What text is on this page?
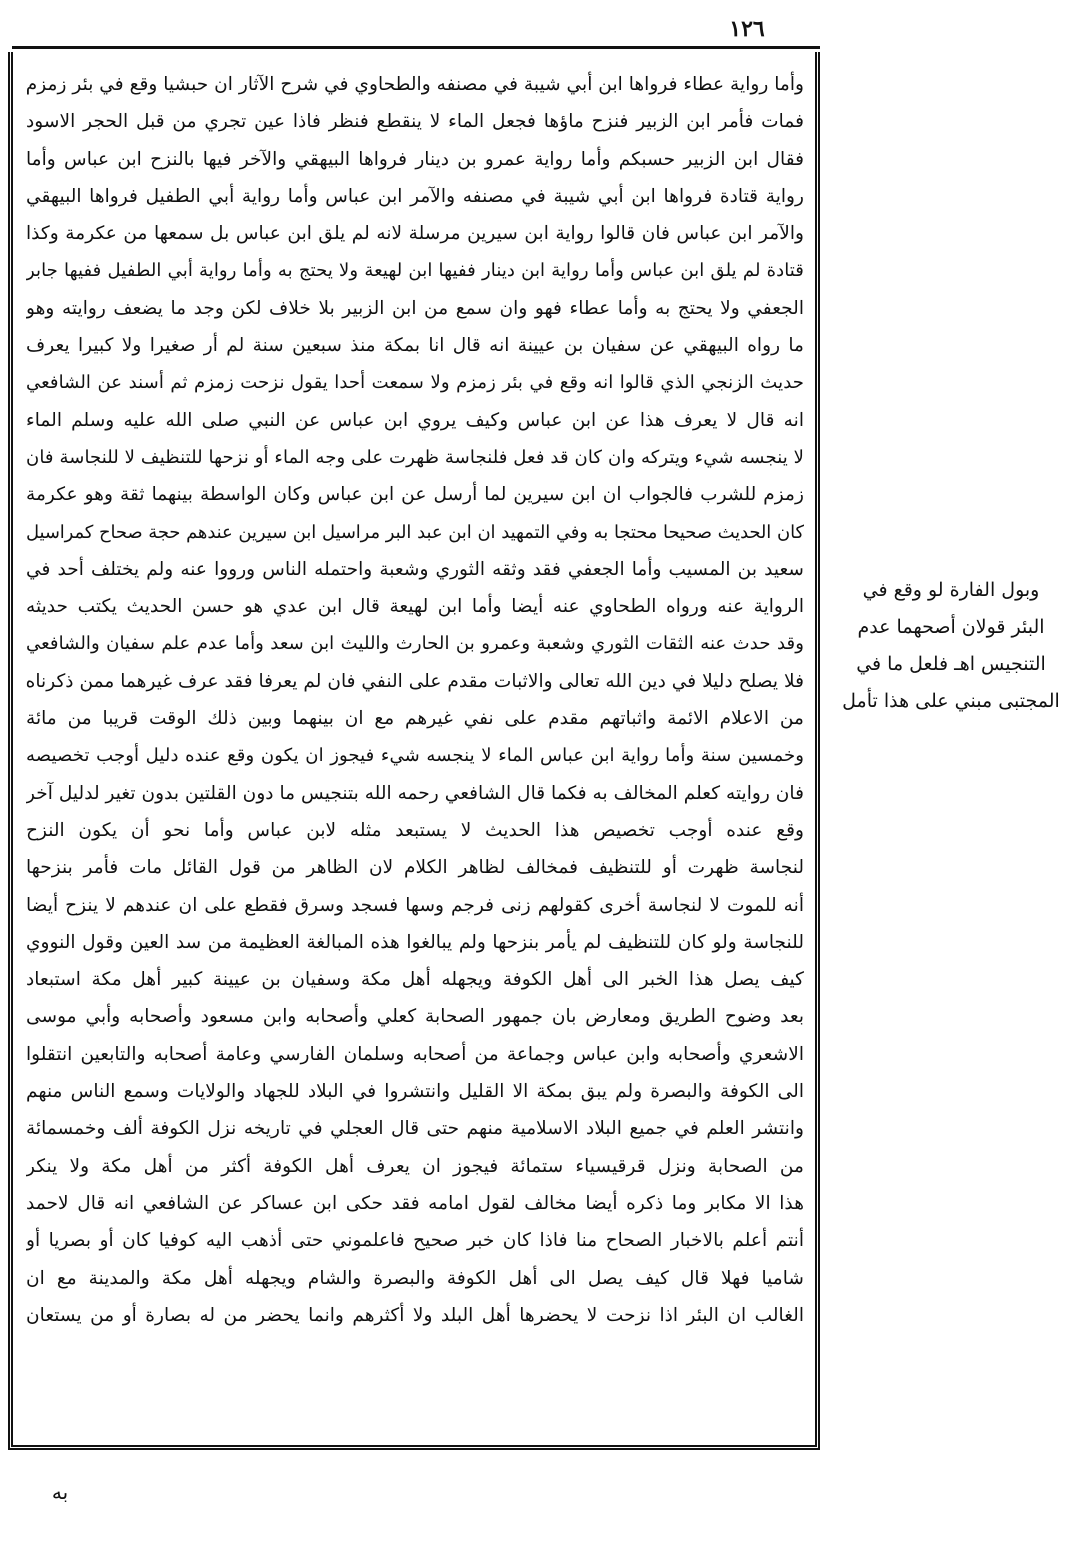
١٢٦
وأما رواية عطاء فرواها ابن أبي شيبة في مصنفه والطحاوي في شرح الآثار ان حبشيا وقع في بئر زمزم
فمات فأمر ابن الزبير فنزح ماؤها فجعل الماء لا ينقطع فنظر فاذا عين تجري من قبل الحجر الاسود
فقال ابن الزبير حسبكم وأما رواية عمرو بن دينار فرواها البيهقي والآخر فيها بالنزح ابن عباس وأما
رواية قتادة فرواها ابن أبي شيبة في مصنفه والآمر ابن عباس وأما رواية أبي الطفيل فرواها البيهقي
والآمر ابن عباس فان قالوا رواية ابن سيرين مرسلة لانه لم يلق ابن عباس بل سمعها من عكرمة وكذا
قتادة لم يلق ابن عباس وأما رواية ابن دينار ففيها ابن لهيعة ولا يحتج به وأما رواية أبي الطفيل ففيها جابر
الجعفي ولا يحتج به وأما عطاء فهو وان سمع من ابن الزبير بلا خلاف لكن وجد ما يضعف روايته وهو
ما رواه البيهقي عن سفيان بن عيينة انه قال انا بمكة منذ سبعين سنة لم أر صغيرا ولا كبيرا يعرف
حديث الزنجي الذي قالوا انه وقع في بئر زمزم ولا سمعت أحدا يقول نزحت زمزم ثم أسند عن الشافعي
انه قال لا يعرف هذا عن ابن عباس وكيف يروي ابن عباس عن النبي صلى الله عليه وسلم الماء
لا ينجسه شيء ويتركه وان كان قد فعل فلنجاسة ظهرت على وجه الماء أو نزحها للتنظيف لا للنجاسة فان
زمزم للشرب فالجواب ان ابن سيرين لما أرسل عن ابن عباس وكان الواسطة بينهما ثقة وهو عكرمة
كان الحديث صحيحا محتجا به وفي التمهيد ان ابن عبد البر مراسيل ابن سيرين عندهم حجة صحاح كمراسيل
سعيد بن المسيب وأما الجعفي فقد وثقه الثوري وشعبة واحتمله الناس ورووا عنه ولم يختلف أحد في
الرواية عنه ورواه الطحاوي عنه أيضا وأما ابن لهيعة قال ابن عدي هو حسن الحديث يكتب حديثه
وقد حدث عنه الثقات الثوري وشعبة وعمرو بن الحارث والليث ابن سعد وأما عدم علم سفيان والشافعي
فلا يصلح دليلا في دين الله تعالى والاثبات مقدم على النفي فان لم يعرفا فقد عرف غيرهما ممن ذكرناه
من الاعلام الائمة واثباتهم مقدم على نفي غيرهم مع ان بينهما وبين ذلك الوقت قريبا من مائة
وخمسين سنة وأما رواية ابن عباس الماء لا ينجسه شيء فيجوز ان يكون وقع عنده دليل أوجب تخصيصه
فان روايته كعلم المخالف به فكما قال الشافعي رحمه الله بتنجيس ما دون القلتين بدون تغير لدليل آخر
وقع عنده أوجب تخصيص هذا الحديث لا يستبعد مثله لابن عباس وأما نحو أن يكون النزح
لنجاسة ظهرت أو للتنظيف فمخالف لظاهر الكلام لان الظاهر من قول القائل مات فأمر بنزحها
أنه للموت لا لنجاسة أخرى كقولهم زنى فرجم وسها فسجد وسرق فقطع على ان عندهم لا ينزح أيضا
للنجاسة ولو كان للتنظيف لم يأمر بنزحها ولم يبالغوا هذه المبالغة العظيمة من سد العين وقول النووي
كيف يصل هذا الخبر الى أهل الكوفة ويجهله أهل مكة وسفيان بن عيينة كبير أهل مكة استبعاد
بعد وضوح الطريق ومعارض بان جمهور الصحابة كعلي وأصحابه وابن مسعود وأصحابه وأبي موسى
الاشعري وأصحابه وابن عباس وجماعة من أصحابه وسلمان الفارسي وعامة أصحابه والتابعين انتقلوا
الى الكوفة والبصرة ولم يبق بمكة الا القليل وانتشروا في البلاد للجهاد والولايات وسمع الناس منهم
وانتشر العلم في جميع البلاد الاسلامية منهم حتى قال العجلي في تاريخه نزل الكوفة ألف وخمسمائة
من الصحابة ونزل قرقيسياء ستمائة فيجوز ان يعرف أهل الكوفة أكثر من أهل مكة ولا ينكر
هذا الا مكابر وما ذكره أيضا مخالف لقول امامه فقد حكى ابن عساكر عن الشافعي انه قال لاحمد
أنتم أعلم بالاخبار الصحاح منا فاذا كان خبر صحيح فاعلموني حتى أذهب اليه كوفيا كان أو بصريا أو
شاميا فهلا قال كيف يصل الى أهل الكوفة والبصرة والشام ويجهله أهل مكة والمدينة مع ان
الغالب ان البئر اذا نزحت لا يحضرها أهل البلد ولا أكثرهم وانما يحضر من له بصارة أو من يستعان
وبول الفارة لو وقع في
البئر قولان أصحهما عدم
التنجيس اهـ فلعل ما في
المجتبى مبني على هذا تأمل
به
